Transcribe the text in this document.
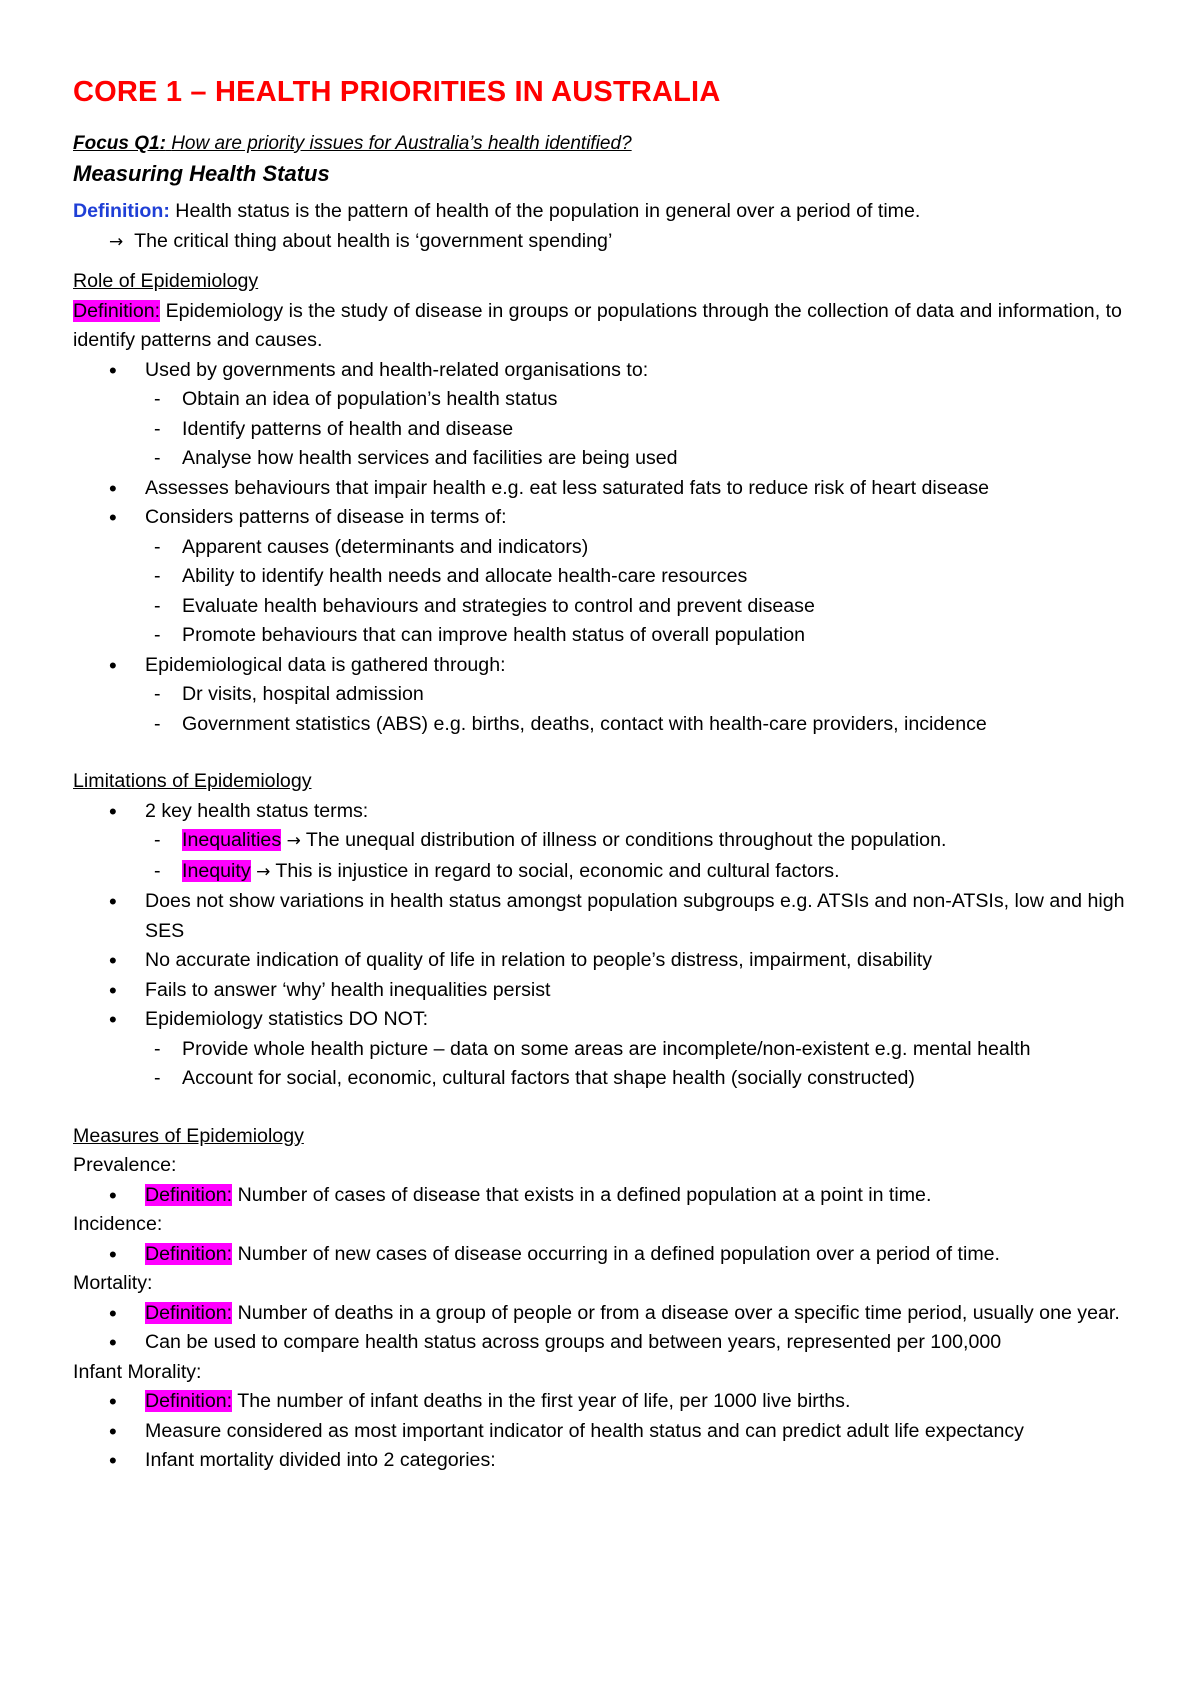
CORE 1 – HEALTH PRIORITIES IN AUSTRALIA
Focus Q1: How are priority issues for Australia’s health identified?
Measuring Health Status
Definition: Health status is the pattern of health of the population in general over a period of time.
→ The critical thing about health is ‘government spending’
Role of Epidemiology
Definition: Epidemiology is the study of disease in groups or populations through the collection of data and information, to identify patterns and causes.
• Used by governments and health-related organisations to:
- Obtain an idea of population’s health status
- Identify patterns of health and disease
- Analyse how health services and facilities are being used
• Assesses behaviours that impair health e.g. eat less saturated fats to reduce risk of heart disease
• Considers patterns of disease in terms of:
- Apparent causes (determinants and indicators)
- Ability to identify health needs and allocate health-care resources
- Evaluate health behaviours and strategies to control and prevent disease
- Promote behaviours that can improve health status of overall population
• Epidemiological data is gathered through:
- Dr visits, hospital admission
- Government statistics (ABS) e.g. births, deaths, contact with health-care providers, incidence
Limitations of Epidemiology
• 2 key health status terms:
- Inequalities → The unequal distribution of illness or conditions throughout the population.
- Inequity → This is injustice in regard to social, economic and cultural factors.
• Does not show variations in health status amongst population subgroups e.g. ATSIs and non-ATSIs, low and high SES
• No accurate indication of quality of life in relation to people’s distress, impairment, disability
• Fails to answer ‘why’ health inequalities persist
• Epidemiology statistics DO NOT:
- Provide whole health picture – data on some areas are incomplete/non-existent e.g. mental health
- Account for social, economic, cultural factors that shape health (socially constructed)
Measures of Epidemiology
Prevalence:
• Definition: Number of cases of disease that exists in a defined population at a point in time.
Incidence:
• Definition: Number of new cases of disease occurring in a defined population over a period of time.
Mortality:
• Definition: Number of deaths in a group of people or from a disease over a specific time period, usually one year.
• Can be used to compare health status across groups and between years, represented per 100,000
Infant Morality:
• Definition: The number of infant deaths in the first year of life, per 1000 live births.
• Measure considered as most important indicator of health status and can predict adult life expectancy
• Infant mortality divided into 2 categories:
